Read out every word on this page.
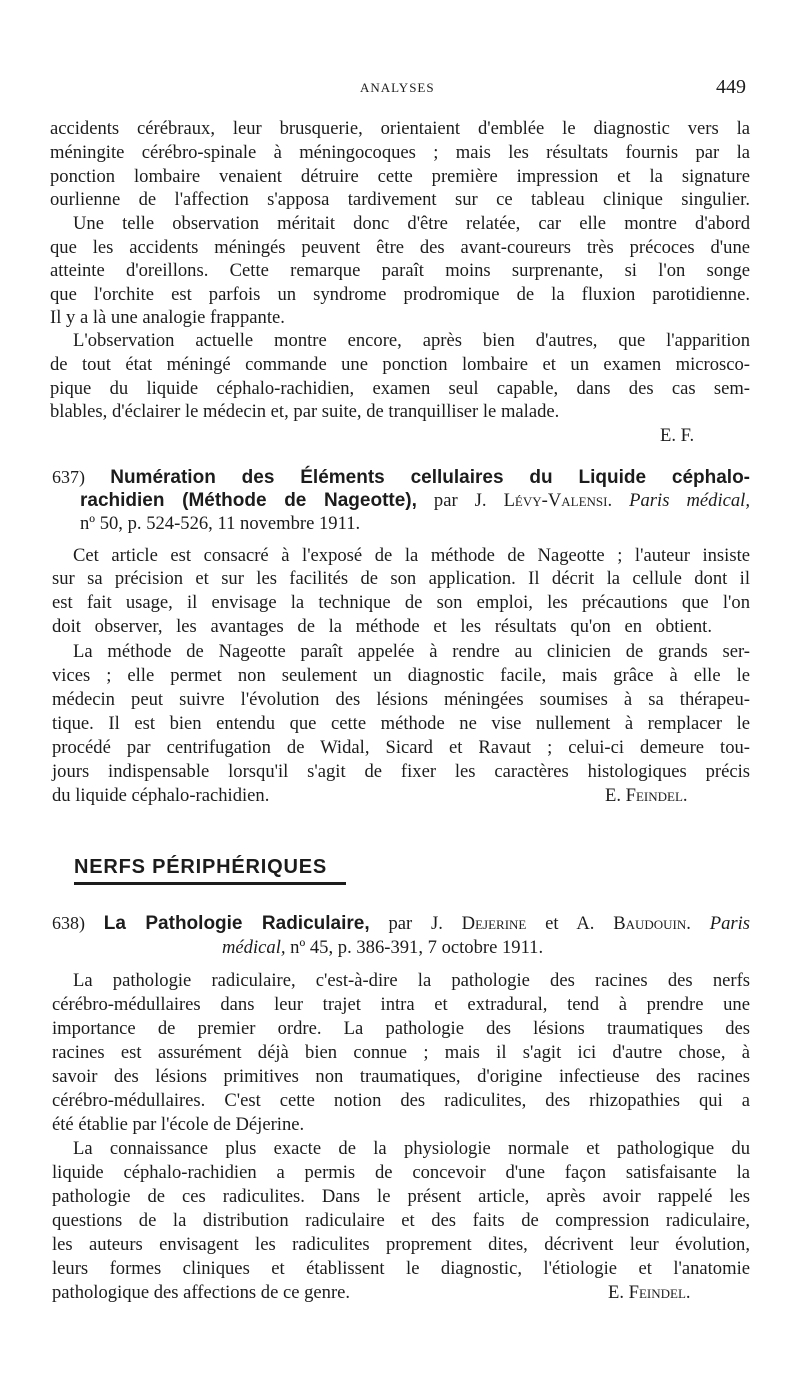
ANALYSES	449
accidents cérébraux, leur brusquerie, orientaient d'emblée le diagnostic vers la
méningite cérébro-spinale à méningocoques ; mais les résultats fournis par la
ponction lombaire venaient détruire cette première impression et la signature
ourlienne de l'affection s'apposa tardivement sur ce tableau clinique singulier.
Une telle observation méritait donc d'être relatée, car elle montre d'abord
que les accidents méningés peuvent être des avant-coureurs très précoces d'une
atteinte d'oreillons. Cette remarque paraît moins surprenante, si l'on songe
que l'orchite est parfois un syndrome prodromique de la fluxion parotidienne.
Il y a là une analogie frappante.
L'observation actuelle montre encore, après bien d'autres, que l'apparition
de tout état méningé commande une ponction lombaire et un examen microsco-
pique du liquide céphalo-rachidien, examen seul capable, dans des cas sem-
blables, d'éclairer le médecin et, par suite, de tranquilliser le malade.
E. F.
637) Numération des Éléments cellulaires du Liquide céphalo-
rachidien (Méthode de Nageotte), par J. Lévy-Valensi. Paris médical,
nº 50, p. 524-526, 11 novembre 1911.
Cet article est consacré à l'exposé de la méthode de Nageotte ; l'auteur insiste
sur sa précision et sur les facilités de son application. Il décrit la cellule dont il
est fait usage, il envisage la technique de son emploi, les précautions que l'on
doit observer, les avantages de la méthode et les résultats qu'on en obtient.
La méthode de Nageotte paraît appelée à rendre au clinicien de grands ser-
vices ; elle permet non seulement un diagnostic facile, mais grâce à elle le
médecin peut suivre l'évolution des lésions méningées soumises à sa thérapeu-
tique. Il est bien entendu que cette méthode ne vise nullement à remplacer le
procédé par centrifugation de Widal, Sicard et Ravaut ; celui-ci demeure tou-
jours indispensable lorsqu'il s'agit de fixer les caractères histologiques précis
du liquide céphalo-rachidien.	E. Feindel.
NERFS PÉRIPHÉRIQUES
638) La Pathologie Radiculaire, par J. Dejerine et A. Baudouin. Paris
médical, nº 45, p. 386-391, 7 octobre 1911.
La pathologie radiculaire, c'est-à-dire la pathologie des racines des nerfs
cérébro-médullaires dans leur trajet intra et extradural, tend à prendre une
importance de premier ordre. La pathologie des lésions traumatiques des
racines est assurément déjà bien connue ; mais il s'agit ici d'autre chose, à
savoir des lésions primitives non traumatiques, d'origine infectieuse des racines
cérébro-médullaires. C'est cette notion des radiculites, des rhizopathies qui a
été établie par l'école de Déjerine.
La connaissance plus exacte de la physiologie normale et pathologique du
liquide céphalo-rachidien a permis de concevoir d'une façon satisfaisante la
pathologie de ces radiculites. Dans le présent article, après avoir rappelé les
questions de la distribution radiculaire et des faits de compression radiculaire,
les auteurs envisagent les radiculites proprement dites, décrivent leur évolution,
leurs formes cliniques et établissent le diagnostic, l'étiologie et l'anatomie
pathologique des affections de ce genre.	E. Feindel.
